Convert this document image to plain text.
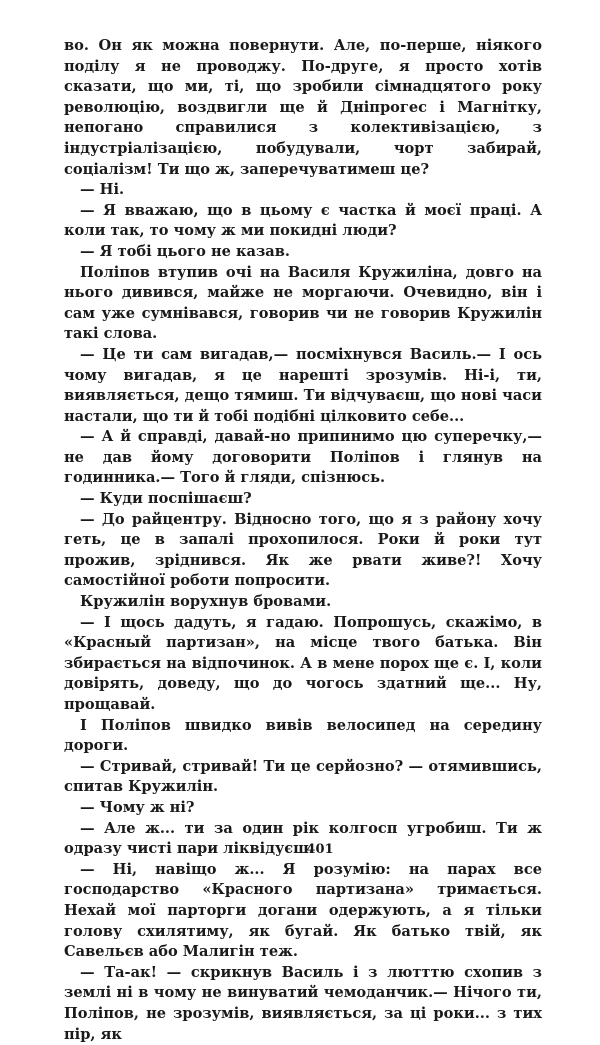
во. Он як можна повернути. Але, по-перше, ніякого поділу я не проводжу. По-друге, я просто хотів сказати, що ми, ті, що зробили сімнадцятого року революцію, воздвигли ще й Дніпрогес і Магнітку, непогано справилися з колективізацією, з індустріалізацією, побудували, чорт забирай, соціалізм! Ти що ж, заперечуватимеш це?

— Ні.

— Я вважаю, що в цьому є частка й моєї праці. А коли так, то чому ж ми покидні люди?

— Я тобі цього не казав.

Поліпов втупив очі на Василя Кружиліна, довго на нього дивився, майже не моргаючи. Очевидно, він і сам уже сумнівався, говорив чи не говорив Кружилін такі слова.

— Це ти сам вигадав,— посміхнувся Василь.— І ось чому вигадав, я це нарешті зрозумів. Ні-і, ти, виявляється, дещо тямиш. Ти відчуваєш, що нові часи настали, що ти й тобі подібні цілковито себе...

— А й справді, давай-но припинимо цю суперечку,— не дав йому договорити Поліпов і глянув на годинника.— Того й гляди, спізнюсь.

— Куди поспішаєш?

— До райцентру. Відносно того, що я з району хочу геть, це в запалі прохопилося. Роки й роки тут прожив, зріднився. Як же рвати живе?! Хочу самостійної роботи попросити.

Кружилін ворухнув бровами.

— І щось дадуть, я гадаю. Попрошусь, скажімо, в «Красный партизан», на місце твого батька. Він збирається на відпочинок. А в мене порох ще є. І, коли довірять, доведу, що до чогось здатний ще... Ну, прощавай.

І Поліпов швидко вивів велосипед на середину дороги.

— Стривай, стривай! Ти це серйозно? — отямившись, спитав Кружилін.

— Чому ж ні?

— Але ж... ти за один рік колгосп угробиш. Ти ж одразу чисті пари ліквідуєш.

— Ні, навіщо ж... Я розумію: на парах все господарство «Красного партизана» тримається. Нехай мої парторги догани одержують, а я тільки голову схилятиму, як бугай. Як батько твій, як Савельєв або Малигін теж.

— Та-ак! — скрикнув Василь і з лютттю схопив з землі ні в чому не винуватий чемоданчик.— Нічого ти, Поліпов, не зрозумів, виявляється, за ці роки... з тих пір, як

401
